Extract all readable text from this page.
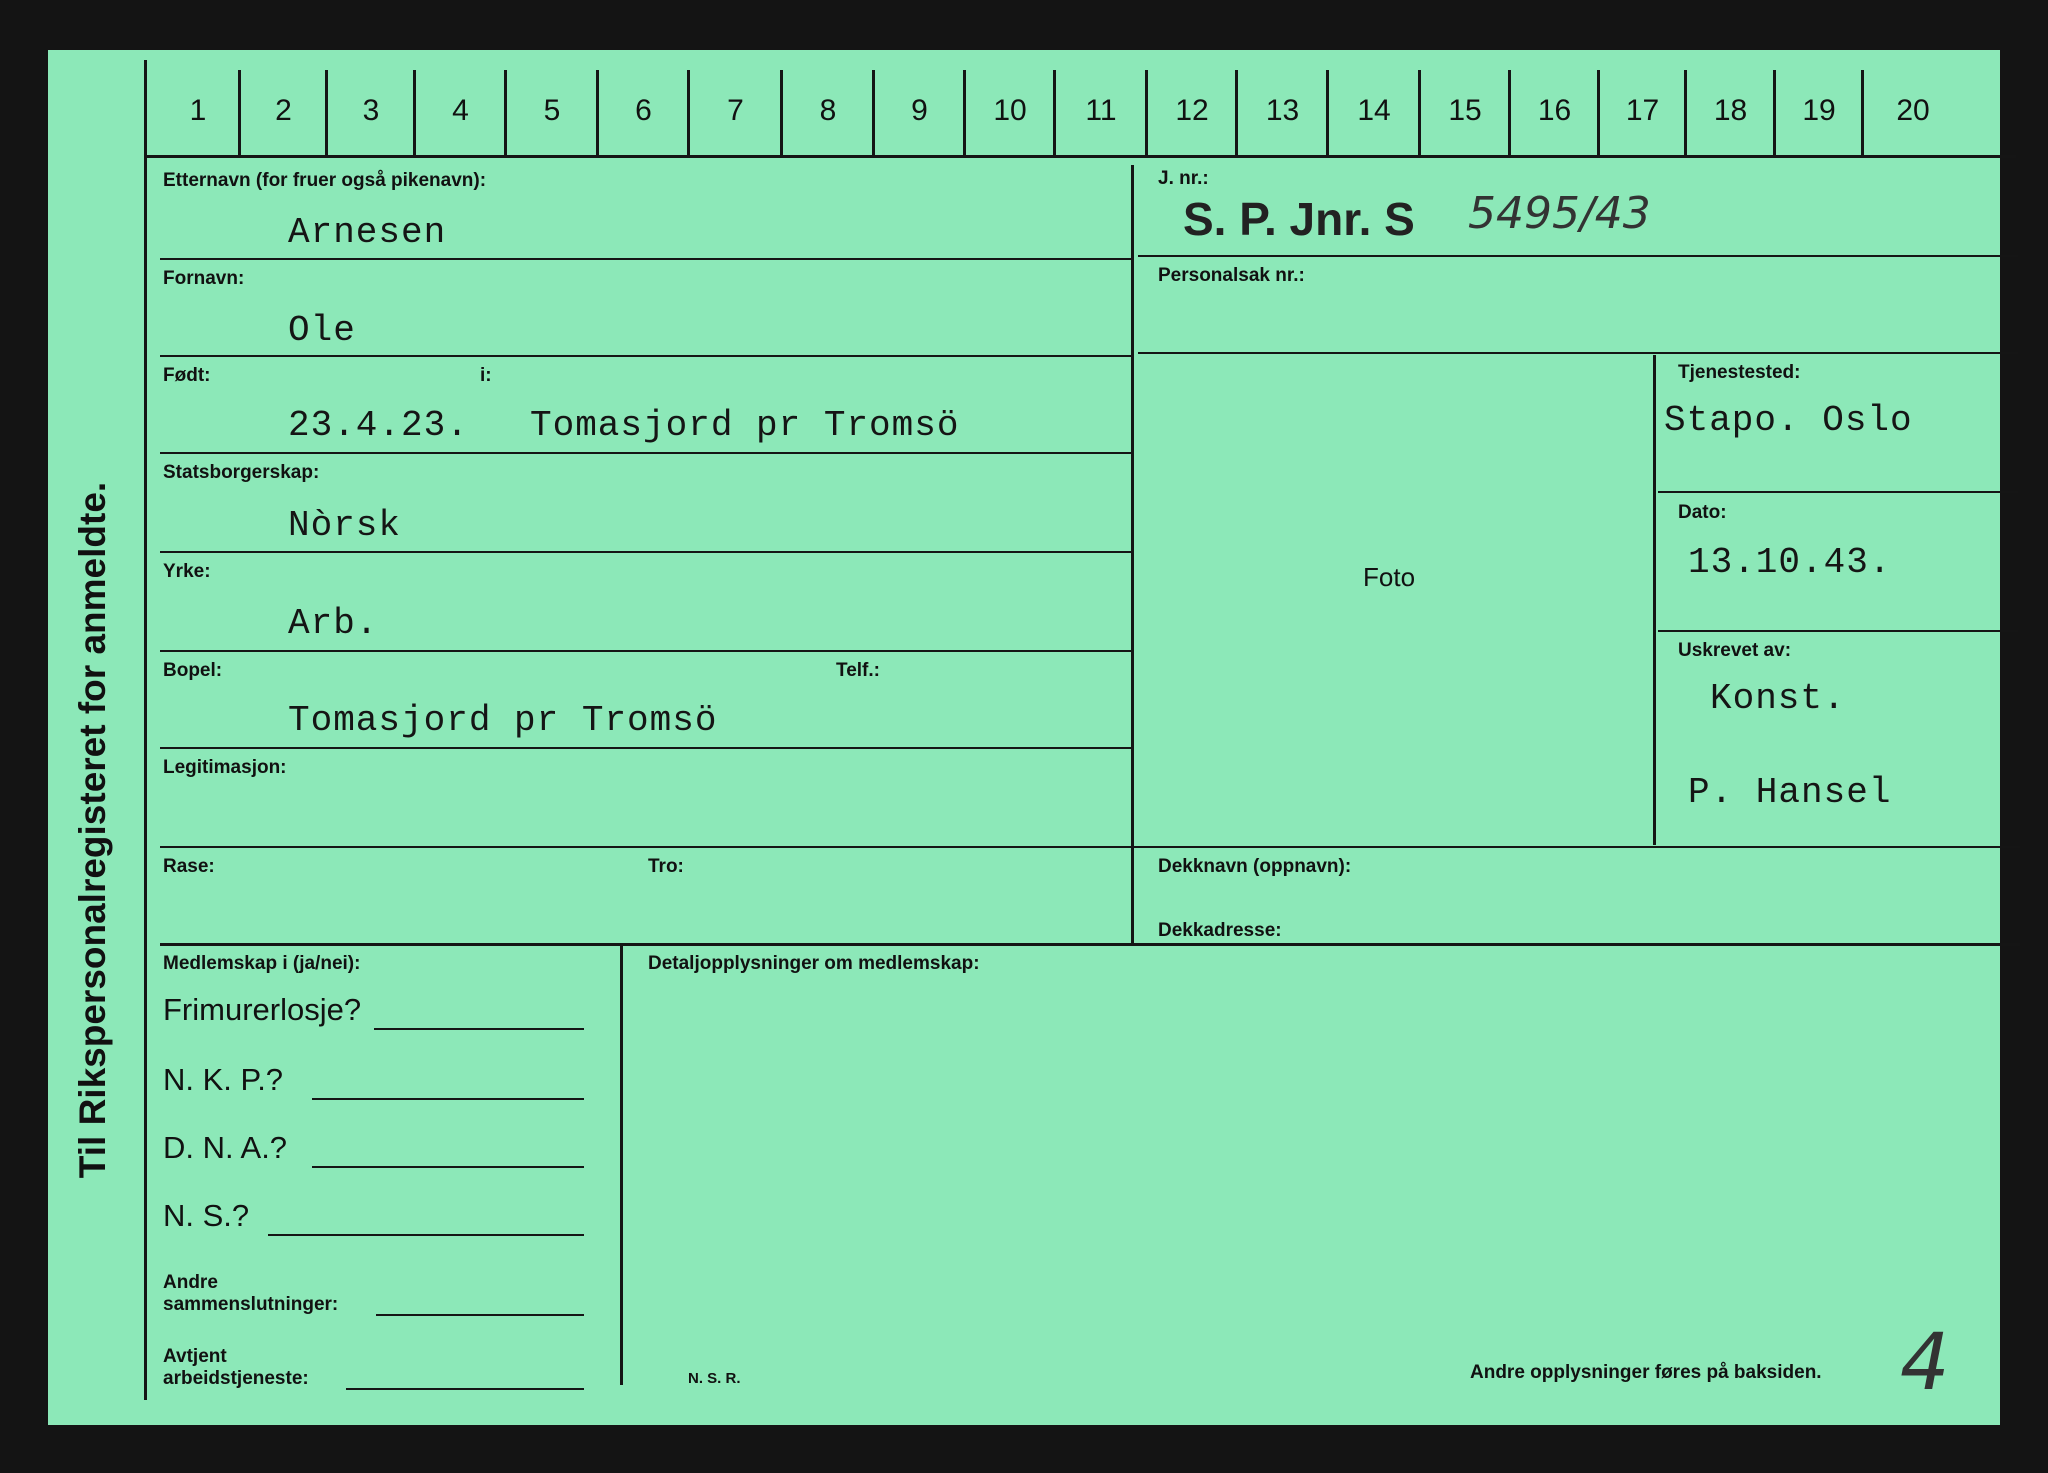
Til Rikspersonalregisteret for anmeldte.
Etternavn (for fruer også pikenavn):
Arnesen
Fornavn:
Ole
Født:	i:
23.4.23. Tomasjord pr Tromsö
Statsborgerskap:
Nòrsk
Yrke:
Arb.
Bopel:	Telf.:
Tomasjord pr Tromsö
Legitimasjon:
Rase:	Tro:
J. nr.:
S. P. Jnr. S 5495/43
Personalsak nr.:
Foto
Tjenestested:
Stapo. Oslo
Dato:
13.10.43.
Uskrevet av:
Konst.
P. Hansel
Dekknavn (oppnavn):
Dekkadresse:
Medlemskap i (ja/nei):	Detaljopplysninger om medlemskap:
Frimurerlosje?
N. K. P.?
D. N. A.?
N. S.?
Andre
sammenslutninger:
Avtjent
arbeidstjeneste:	N. S. R.	Andre opplysninger føres på baksiden. 4
1	2	3	4	5	6	7	8	9	10	11	12	13	14	15	16	17	18	19	20
